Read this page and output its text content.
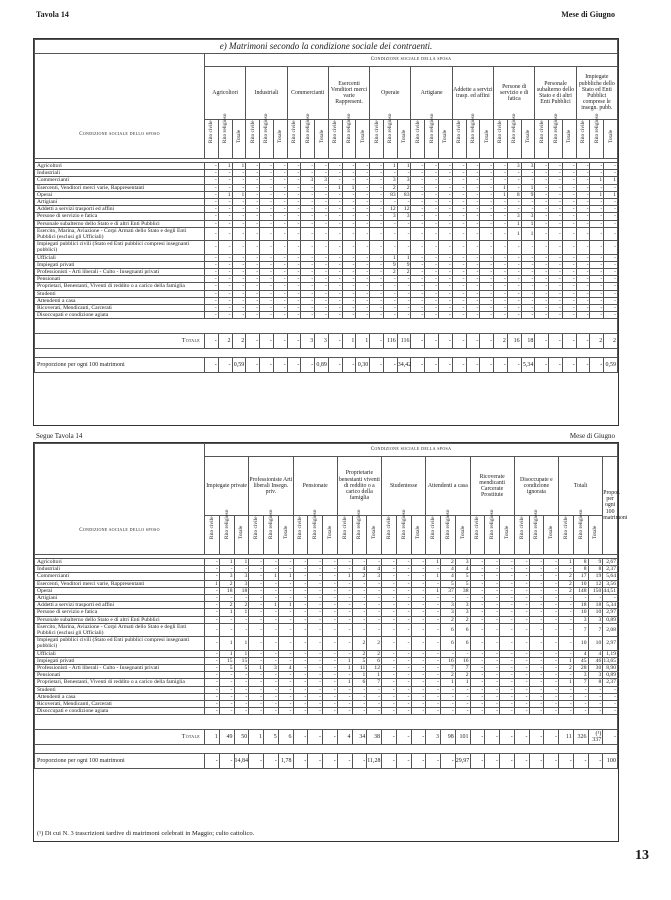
Tavola 14	Mese di Giugno
e) Matrimoni secondo la condizione sociale dei contraenti.																														
Condizione sociale dello sposo	Condizione sociale della sposa																													
	Agricoltori			Industriali			Commercianti			Esercenti Venditori merci varie Rappresent.			Operaie			Artigiane			Addette a servizi trasp. ed affini			Persone di servizio e di fatica			Personale subalterno dello Stato e di altri Enti Pubblici			Impiegate pubbliche dello Stato ed Enti Pubblici comprese le insegn. pubb.		
	Rito civile	Rito religioso	Totale	Rito civile	Rito religioso	Totale	Rito civile	Rito religioso	Totale	Rito civile	Rito religioso	Totale	Rito civile	Rito religioso	Totale	Rito civile	Rito religioso	Totale	Rito civile	Rito religioso	Totale	Rito civile	Rito religioso	Totale	Rito civile	Rito religioso	Totale	Rito civile	Rito religioso	Totale

Agricoltori	-	1	1	-	-	-	-	-	-	-	-	-	-	1	1	-	-	-	-	-	-	-	3	3	-	-	-	-	-	-
Industriali	-	-	-	-	-	-	-	-	-	-	-	-	-	-	-	-	-	-	-	-	-	-	-	-	-	-	-	-	-	-
Commercianti	-	-	-	-	-	-	-	3	3	-	-	-	-	3	3	-	-	-	-	-	-	-	-	-	-	-	-	-	1	1
Esercenti, Venditori merci varie, Rappresentanti	-	-	-	-	-	-	-	-	-	1	1	-	-	2	2	-	-	-	-	-	-	1	-	1	-	-	-	-	-	-
Operai	-	1	1	-	-	-	-	-	-	-	-	-	-	83	83	-	-	-	-	-	-	1	8	9	-	-	-	-	1	1
Artigiani	-	-	-	-	-	-	-	-	-	-	-	-	-	-	-	-	-	-	-	-	-	-	-	-	-	-	-	-	-	-
Addetti a servizi trasporti ed affini	-	-	-	-	-	-	-	-	-	-	-	-	-	12	12	-	-	-	-	-	-	-	-	-	-	-	-	-	-	-
Persone di servizio e fatica	-	-	-	-	-	-	-	-	-	-	-	-	-	3	3	-	-	-	-	-	-	-	3	3	-	-	-	-	-	-
Personale subalterno dello Stato e di altri Enti Pubblici	-	-	-	-	-	-	-	-	-	-	-	-	-	-	-	-	-	-	-	-	-	-	1	1	-	-	-	-	-	-
Esercito, Marina, Aviazione - Corpi Armati dello Stato e degli Enti Pubblici (esclusi gli Ufficiali)	-	-	-	-	-	-	-	-	-	-	-	-	-	-	-	-	-	-	-	-	-	-	1	1	-	-	-	-	-	-
Impiegati pubblici civili (Stato ed Enti pubblici compresi insegnanti pubblici)	-	-	-	-	-	-	-	-	-	-	-	-	-	-	-	-	-	-	-	-	-	-	-	-	-	-	-	-	-	-
Ufficiali	-	-	-	-	-	-	-	-	-	-	-	-	-	1	1	-	-	-	-	-	-	-	-	-	-	-	-	-	-	-
Impiegati privati	-	-	-	-	-	-	-	-	-	-	-	-	-	9	9	-	-	-	-	-	-	-	-	-	-	-	-	-	-	-
Professionisti - Arti liberali - Culto - Insegnanti privati	-	-	-	-	-	-	-	-	-	-	-	-	-	2	2	-	-	-	-	-	-	-	-	-	-	-	-	-	-	-
Pensionati	-	-	-	-	-	-	-	-	-	-	-	-	-	-	-	-	-	-	-	-	-	-	-	-	-	-	-	-	-	-
Proprietari, Benestanti, Viventi di reddito o a carico della famiglia	-	-	-	-	-	-	-	-	-	-	-	-	-	-	-	-	-	-	-	-	-	-	-	-	-	-	-	-	-	-
Studenti	-	-	-	-	-	-	-	-	-	-	-	-	-	-	-	-	-	-	-	-	-	-	-	-	-	-	-	-	-	-
Attendenti a casa	-	-	-	-	-	-	-	-	-	-	-	-	-	-	-	-	-	-	-	-	-	-	-	-	-	-	-	-	-	-
Ricoverati, Mendicanti, Carcerati	-	-	-	-	-	-	-	-	-	-	-	-	-	-	-	-	-	-	-	-	-	-	-	-	-	-	-	-	-	-
Disoccupati e condizione agiata	-	-	-	-	-	-	-	-	-	-	-	-	-	-	-	-	-	-	-	-	-	-	-	-	-	-	-	-	-	-

Totale	-	2	2	-	-	-	-	3	3	-	1	1	-	116	116	-	-	-	-	-	-	2	16	18	-	-	-	-	2	2

Proporzione per ogni 100 matrimoni	-	-	0,59	-	-	-	-	-	0,89	-	-	0,30	-	-	34,42	-	-	-	-	-	-	-	-	5,34	-	-	-	-	-	0,59
Segue Tavola 14	Mese di Giugno
Condizione sociale dello sposo	Condizione sociale della sposa																											
	Impiegate private			Professioniste Arti liberali Insegn. priv.			Pensionate			Proprietarie benestanti viventi di reddito o a carico della famiglia			Studentesse			Attendenti a casa			Ricoverate mendicanti Carcerate Prostitute			Disoccupate e condizione ignorata			Totali			Propor. per ogni 100 matrimoni
	Rito civile	Rito religioso	Totale	Rito civile	Rito religioso	Totale	Rito civile	Rito religioso	Totale	Rito civile	Rito religioso	Totale	Rito civile	Rito religioso	Totale	Rito civile	Rito religioso	Totale	Rito civile	Rito religioso	Totale	Rito civile	Rito religioso	Totale	Rito civile	Rito religioso	Totale	

Agricoltori	-	1	1	-	-	-	-	-	-	-	-	-	-	-	-	1	2	3	-	-	-	-	-	-	1	8	9	2,67
Industriali	-	-	-	-	-	-	-	-	-	-	4	4	-	-	-	-	4	4	-	-	-	-	-	-	-	8	8	2,37
Commercianti	-	3	3	-	1	1	-	-	-	1	2	3	-	-	-	1	4	5	-	-	-	-	-	-	2	17	19	5,64
Esercenti, Venditori merci varie, Rappresentanti	1	2	3	-	-	-	-	-	-	-	-	-	-	-	-	-	5	5	-	-	-	-	-	-	2	10	12	3,56
Operai	-	18	18	-	-	-	-	-	-	-	-	-	-	-	-	1	37	38	-	-	-	-	-	-	2	148	150	44,51
Artigiani	-	-	-	-	-	-	-	-	-	-	-	-	-	-	-	-	-	-	-	-	-	-	-	-	-	-	-	-
Addetti a servizi trasporti ed affini	-	2	2	-	1	1	-	-	-	-	-	-	-	-	-	-	3	3	-	-	-	-	-	-	-	18	18	5,34
Persone di servizio e fatica	-	1	1	-	-	-	-	-	-	-	-	-	-	-	-	-	3	3	-	-	-	-	-	-	-	10	10	2,97
Personale subalterno dello Stato e di altri Enti Pubblici	-	-	-	-	-	-	-	-	-	-	-	-	-	-	-	-	2	2	-	-	-	-	-	-	-	3	3	0,89
Esercito, Marina, Aviazione - Corpi Armati dello Stato e degli Enti Pubblici (esclusi gli Ufficiali)	-	-	-	-	-	-	-	-	-	-	-	-	-	-	-	-	6	6	-	-	-	-	-	-	-	7	7	2,08
Impiegati pubblici civili (Stato ed Enti pubblici compresi insegnanti pubblici)	-	1	1	-	-	-	-	-	-	-	2	2	-	-	-	-	6	6	-	-	-	-	-	-	-	10	10	2,97
Ufficiali	-	1	1	-	-	-	-	-	-	-	2	2	-	-	-	-	-	-	-	-	-	-	-	-	-	4	4	1,19
Impiegati privati	-	15	15	-	-	-	-	-	-	1	5	6	-	-	-	-	16	16	-	-	-	-	-	-	1	45	46	13,65
Professionisti - Arti liberali - Culto - Insegnanti privati	-	5	5	1	3	4	-	-	-	1	11	12	-	-	-	-	7	7	-	-	-	-	-	-	2	28	30	8,90
Pensionati	-	-	-	-	-	-	-	-	-	-	1	1	-	-	-	-	2	2	-	-	-	-	-	-	-	3	3	0,89
Proprietari, Benestanti, Viventi di reddito o a carico della famiglia	-	-	-	-	-	-	-	-	-	1	6	7	-	-	-	-	1	1	-	-	-	-	-	-	1	7	8	2,37
Studenti	-	-	-	-	-	-	-	-	-	-	-	-	-	-	-	-	-	-	-	-	-	-	-	-	-	-	-	-
Attendenti a casa	-	-	-	-	-	-	-	-	-	-	-	-	-	-	-	-	-	-	-	-	-	-	-	-	-	-	-	-
Ricoverati, Mendicanti, Carcerati	-	-	-	-	-	-	-	-	-	-	-	-	-	-	-	-	-	-	-	-	-	-	-	-	-	-	-	-
Disoccupati e condizione agiata	-	-	-	-	-	-	-	-	-	-	-	-	-	-	-	-	-	-	-	-	-	-	-	-	-	-	-	-

Totale	1	49	50	1	5	6	-	-	-	4	34	38	-	-	-	3	98	101	-	-	-	-	-	-	11	326	(¹) 337	-

Proporzione per ogni 100 matrimoni	-	-	14,84	-	-	1,78	-	-	-	-	-	11,28	-	-	-	-	-	29,97	-	-	-	-	-	-	-	-	-	100
(¹) Di cui N. 3 trascrizioni tardive di matrimoni celebrati in Maggio; culto cattolico.
13
